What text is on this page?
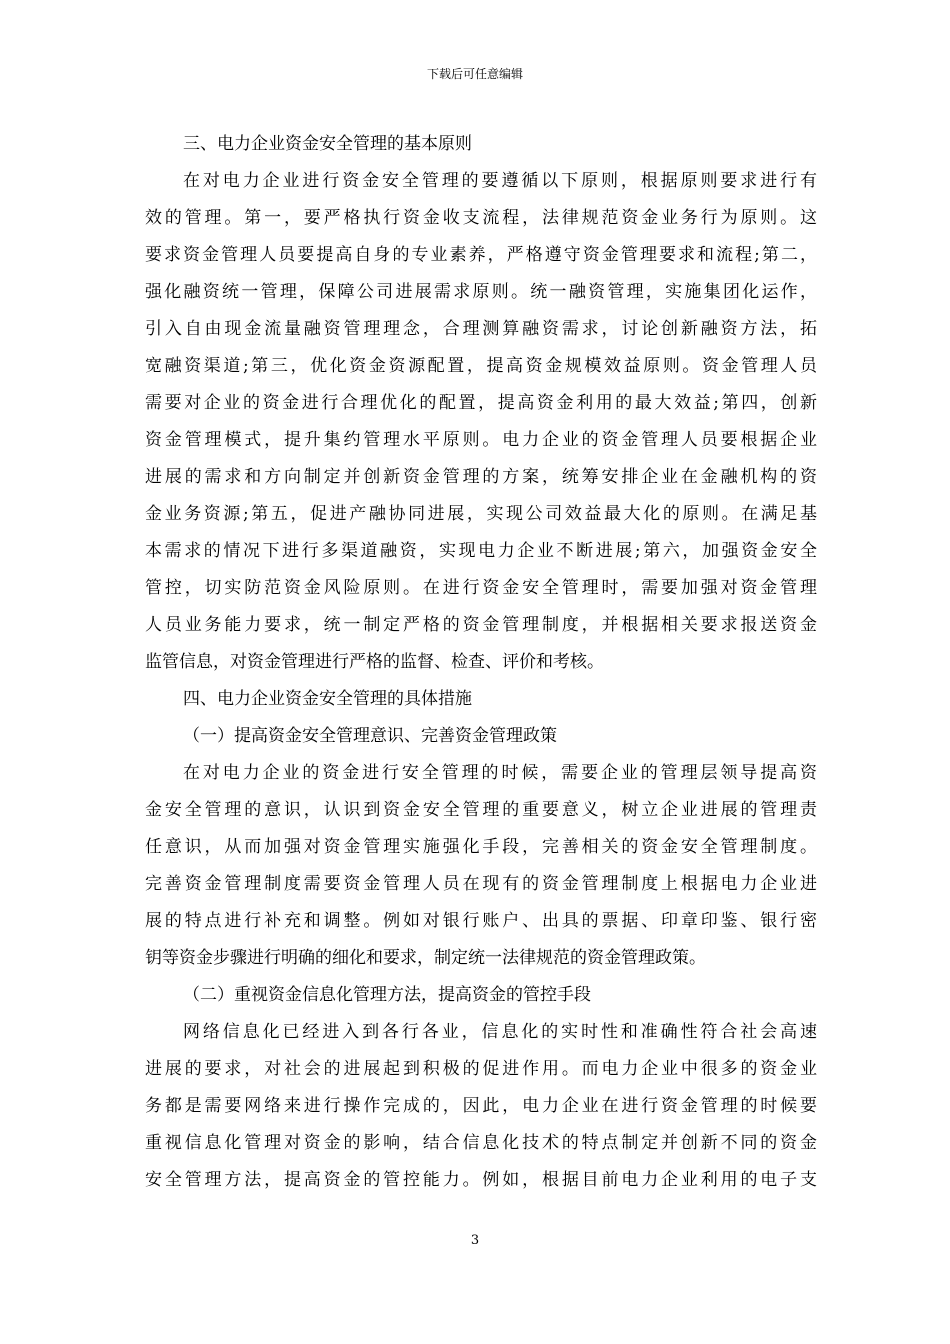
下载后可任意编辑
三、电力企业资金安全管理的基本原则
在对电力企业进行资金安全管理的要遵循以下原则，根据原则要求进行有
效的管理。第一，要严格执行资金收支流程，法律规范资金业务行为原则。这
要求资金管理人员要提高自身的专业素养，严格遵守资金管理要求和流程;第二，
强化融资统一管理，保障公司进展需求原则。统一融资管理，实施集团化运作，
引入自由现金流量融资管理理念，合理测算融资需求，讨论创新融资方法，拓
宽融资渠道;第三，优化资金资源配置，提高资金规模效益原则。资金管理人员
需要对企业的资金进行合理优化的配置，提高资金利用的最大效益;第四，创新
资金管理模式，提升集约管理水平原则。电力企业的资金管理人员要根据企业
进展的需求和方向制定并创新资金管理的方案，统筹安排企业在金融机构的资
金业务资源;第五，促进产融协同进展，实现公司效益最大化的原则。在满足基
本需求的情况下进行多渠道融资，实现电力企业不断进展;第六，加强资金安全
管控，切实防范资金风险原则。在进行资金安全管理时，需要加强对资金管理
人员业务能力要求，统一制定严格的资金管理制度，并根据相关要求报送资金
监管信息，对资金管理进行严格的监督、检查、评价和考核。
四、电力企业资金安全管理的具体措施
（一）提高资金安全管理意识、完善资金管理政策
在对电力企业的资金进行安全管理的时候，需要企业的管理层领导提高资
金安全管理的意识，认识到资金安全管理的重要意义，树立企业进展的管理责
任意识，从而加强对资金管理实施强化手段，完善相关的资金安全管理制度。
完善资金管理制度需要资金管理人员在现有的资金管理制度上根据电力企业进
展的特点进行补充和调整。例如对银行账户、出具的票据、印章印鉴、银行密
钥等资金步骤进行明确的细化和要求，制定统一法律规范的资金管理政策。
（二）重视资金信息化管理方法，提高资金的管控手段
网络信息化已经进入到各行各业，信息化的实时性和准确性符合社会高速
进展的要求，对社会的进展起到积极的促进作用。而电力企业中很多的资金业
务都是需要网络来进行操作完成的，因此，电力企业在进行资金管理的时候要
重视信息化管理对资金的影响，结合信息化技术的特点制定并创新不同的资金
安全管理方法，提高资金的管控能力。例如，根据目前电力企业利用的电子支
3
